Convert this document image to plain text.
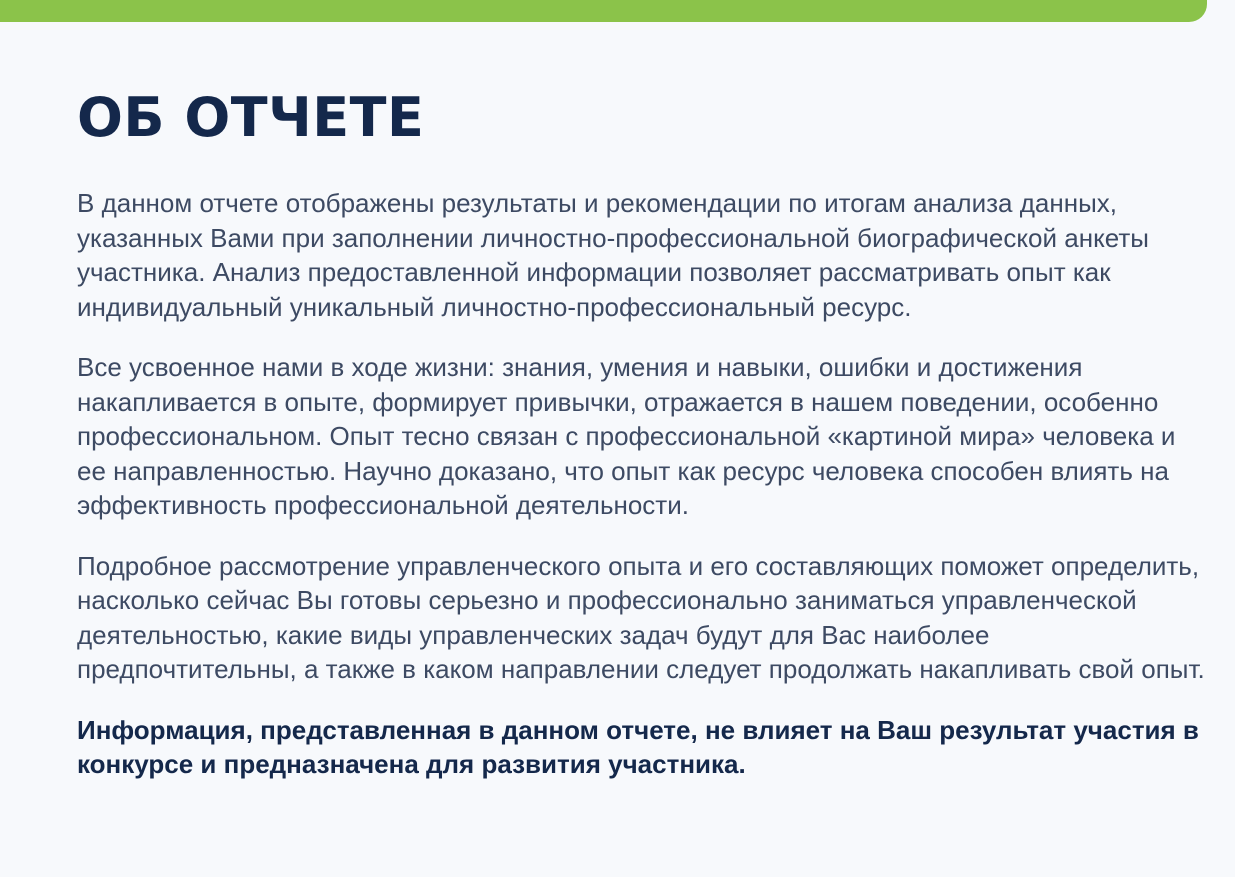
ОБ ОТЧЕТЕ

В данном отчете отображены результаты и рекомендации по итогам анализа данных, указанных Вами при заполнении личностно-профессиональной биографической анкеты участника. Анализ предоставленной информации позволяет рассматривать опыт как индивидуальный уникальный личностно-профессиональный ресурс.

Все усвоенное нами в ходе жизни: знания, умения и навыки, ошибки и достижения накапливается в опыте, формирует привычки, отражается в нашем поведении, особенно профессиональном. Опыт тесно связан с профессиональной «картиной мира» человека и ее направленностью. Научно доказано, что опыт как ресурс человека способен влиять на эффективность профессиональной деятельности.

Подробное рассмотрение управленческого опыта и его составляющих поможет определить, насколько сейчас Вы готовы серьезно и профессионально заниматься управленческой деятельностью, какие виды управленческих задач будут для Вас наиболее предпочтительны, а также в каком направлении следует продолжать накапливать свой опыт.

Информация, представленная в данном отчете, не влияет на Ваш результат участия в конкурсе и предназначена для развития участника.
